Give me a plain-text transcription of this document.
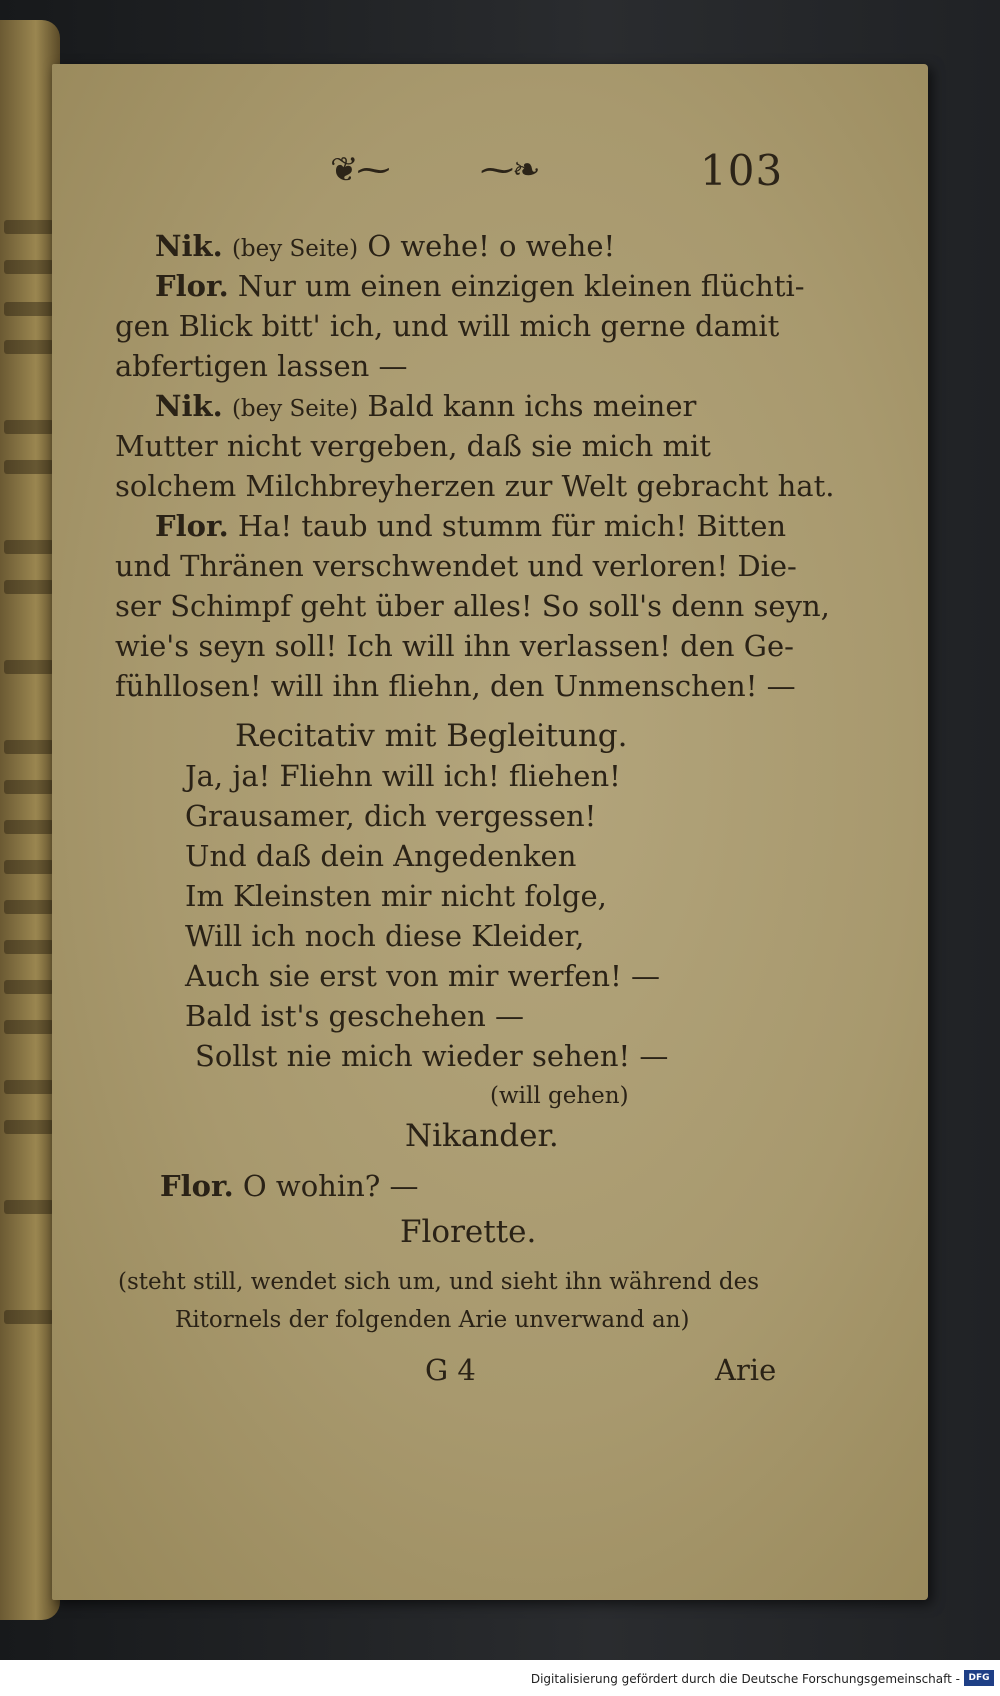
❦⁓	⁓❧	103
Nik. (bey Seite) O wehe! o wehe!
Flor. Nur um einen einzigen kleinen flüchti-
gen Blick bitt' ich, und will mich gerne damit
abfertigen lassen —
Nik. (bey Seite) Bald kann ichs meiner
Mutter nicht vergeben, daß sie mich mit
solchem Milchbreyherzen zur Welt gebracht hat.
Flor. Ha! taub und stumm für mich! Bitten
und Thränen verschwendet und verloren! Die-
ser Schimpf geht über alles! So soll's denn seyn,
wie's seyn soll! Ich will ihn verlassen! den Ge-
fühllosen! will ihn fliehn, den Unmenschen! —
Recitativ mit Begleitung.
Ja, ja! Fliehn will ich! fliehen!
Grausamer, dich vergessen!
Und daß dein Angedenken
Im Kleinsten mir nicht folge,
Will ich noch diese Kleider,
Auch sie erst von mir werfen! —
Bald ist's geschehen —
Sollst nie mich wieder sehen! —
(will gehen)
Nikander.
Flor. O wohin? —
Florette.
(steht still, wendet sich um, und sieht ihn während des
Ritornels der folgenden Arie unverwand an)
G 4	Arie
Digitalisierung gefördert durch die Deutsche Forschungsgemeinschaft - DFG
